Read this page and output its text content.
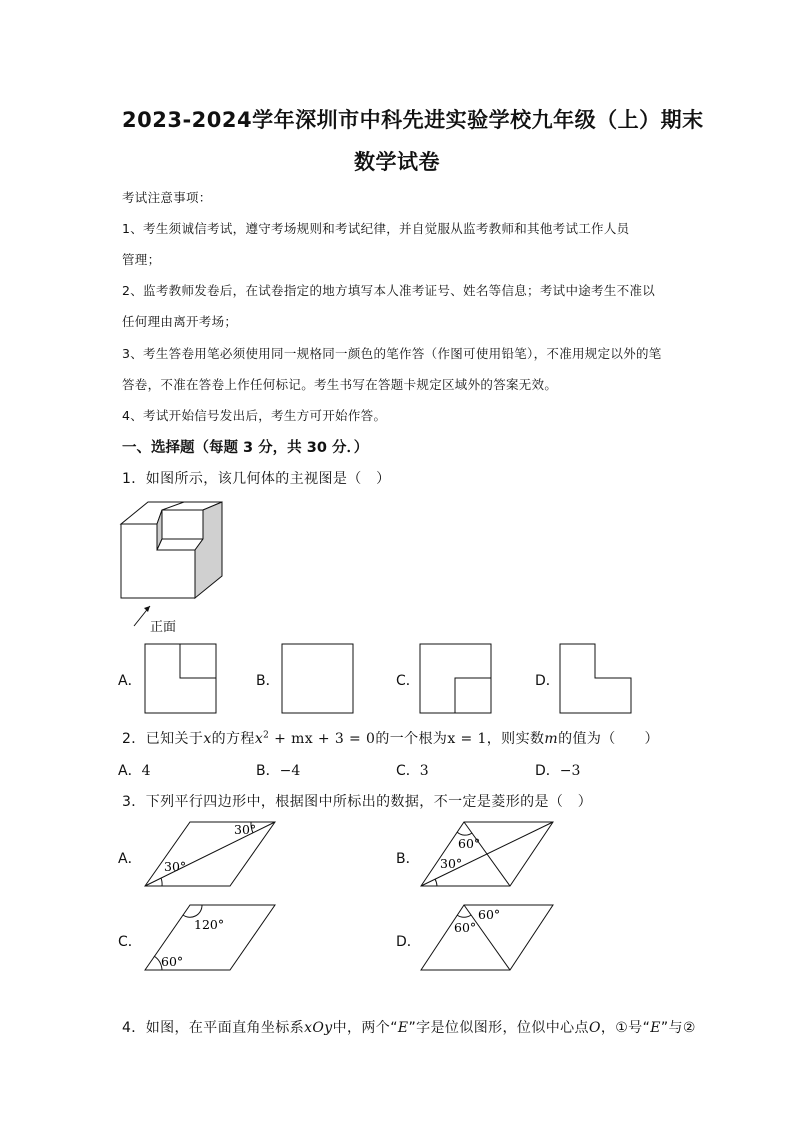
2023-2024学年深圳市中科先进实验学校九年级（上）期末
数学试卷
考试注意事项：
1、考生须诚信考试，遵守考场规则和考试纪律，并自觉服从监考教师和其他考试工作人员
管理；
2、监考教师发卷后，在试卷指定的地方填写本人准考证号、姓名等信息；考试中途考生不准以
任何理由离开考场；
3、考生答卷用笔必须使用同一规格同一颜色的笔作答（作图可使用铅笔），不准用规定以外的笔
答卷，不准在答卷上作任何标记。考生书写在答题卡规定区域外的答案无效。
4、考试开始信号发出后，考生方可开始作答。
一、选择题（每题 3 分，共 30 分．）
1．如图所示，该几何体的主视图是（　）
正面
A．	B．	C．	D．
2．已知关于x的方程$x^2$ + mx + 3 = 0的一个根为x = 1，则实数m的值为（　　）
A．4	B．−4	C．3	D．−3
3．下列平行四边形中，根据图中所标出的数据，不一定是菱形的是（　）
A．
30°
30°	B．
60°
30°
C．
120°
60°
D．
60°
60°
4．如图，在平面直角坐标系xOy中，两个“E”字是位似图形，位似中心点O，①号“E”与②
